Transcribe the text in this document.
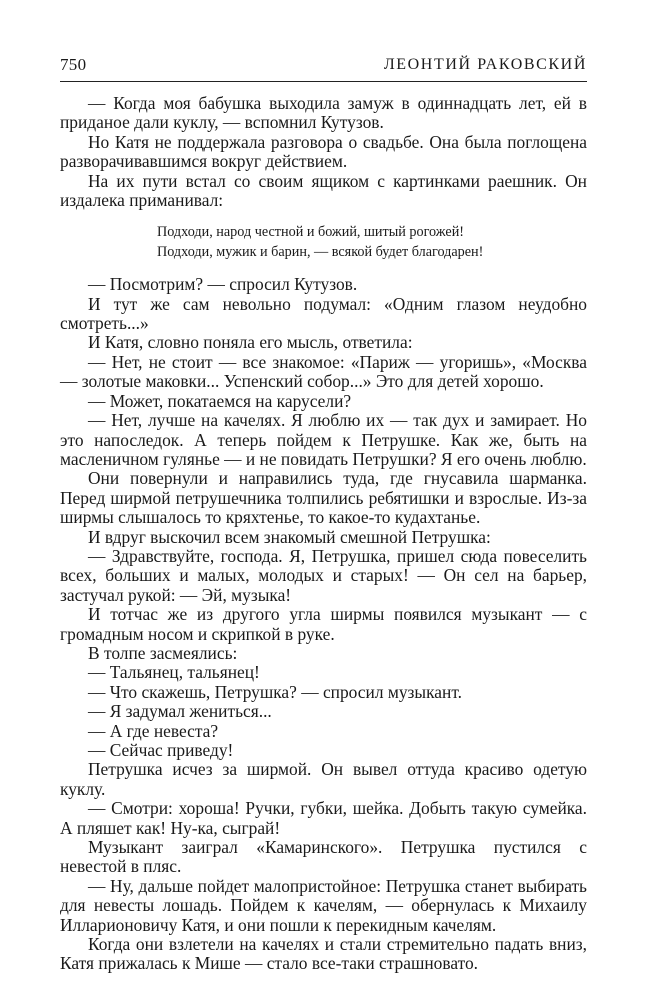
750	ЛЕОНТИЙ РАКОВСКИЙ

— Когда моя бабушка выходила замуж в одиннадцать лет, ей в приданое дали куклу, — вспомнил Кутузов.

Но Катя не поддержала разговора о свадьбе. Она была поглощена разворачивавшимся вокруг действием.

На их пути встал со своим ящиком с картинками раешник. Он издалека приманивал:

Подходи, народ честной и божий, шитый рогожей!
Подходи, мужик и барин, — всякой будет благодарен!

— Посмотрим? — спросил Кутузов.

И тут же сам невольно подумал: «Одним глазом неудобно смотреть...»

И Катя, словно поняла его мысль, ответила:

— Нет, не стоит — все знакомое: «Париж — угоришь», «Москва — золотые маковки... Успенский собор...» Это для детей хорошо.

— Может, покатаемся на карусели?

— Нет, лучше на качелях. Я люблю их — так дух и замирает. Но это напоследок. А теперь пойдем к Петрушке. Как же, быть на масленичном гулянье — и не повидать Петрушки? Я его очень люблю.

Они повернули и направились туда, где гнусавила шарманка. Перед ширмой петрушечника толпились ребятишки и взрослые. Из-за ширмы слышалось то кряхтенье, то какое-то кудахтанье.

И вдруг выскочил всем знакомый смешной Петрушка:

— Здравствуйте, господа. Я, Петрушка, пришел сюда повеселить всех, больших и малых, молодых и старых! — Он сел на барьер, застучал рукой: — Эй, музыка!

И тотчас же из другого угла ширмы появился музыкант — с громадным носом и скрипкой в руке.

В толпе засмеялись:

— Тальянец, тальянец!

— Что скажешь, Петрушка? — спросил музыкант.

— Я задумал жениться...

— А где невеста?

— Сейчас приведу!

Петрушка исчез за ширмой. Он вывел оттуда красиво одетую куклу.

— Смотри: хороша! Ручки, губки, шейка. Добыть такую сумейка. А пляшет как! Ну-ка, сыграй!

Музыкант заиграл «Камаринского». Петрушка пустился с невестой в пляс.

— Ну, дальше пойдет малопристойное: Петрушка станет выбирать для невесты лошадь. Пойдем к качелям, — обернулась к Михаилу Илларионовичу Катя, и они пошли к перекидным качелям.

Когда они взлетели на качелях и стали стремительно падать вниз, Катя прижалась к Мише — стало все-таки страшновато.
